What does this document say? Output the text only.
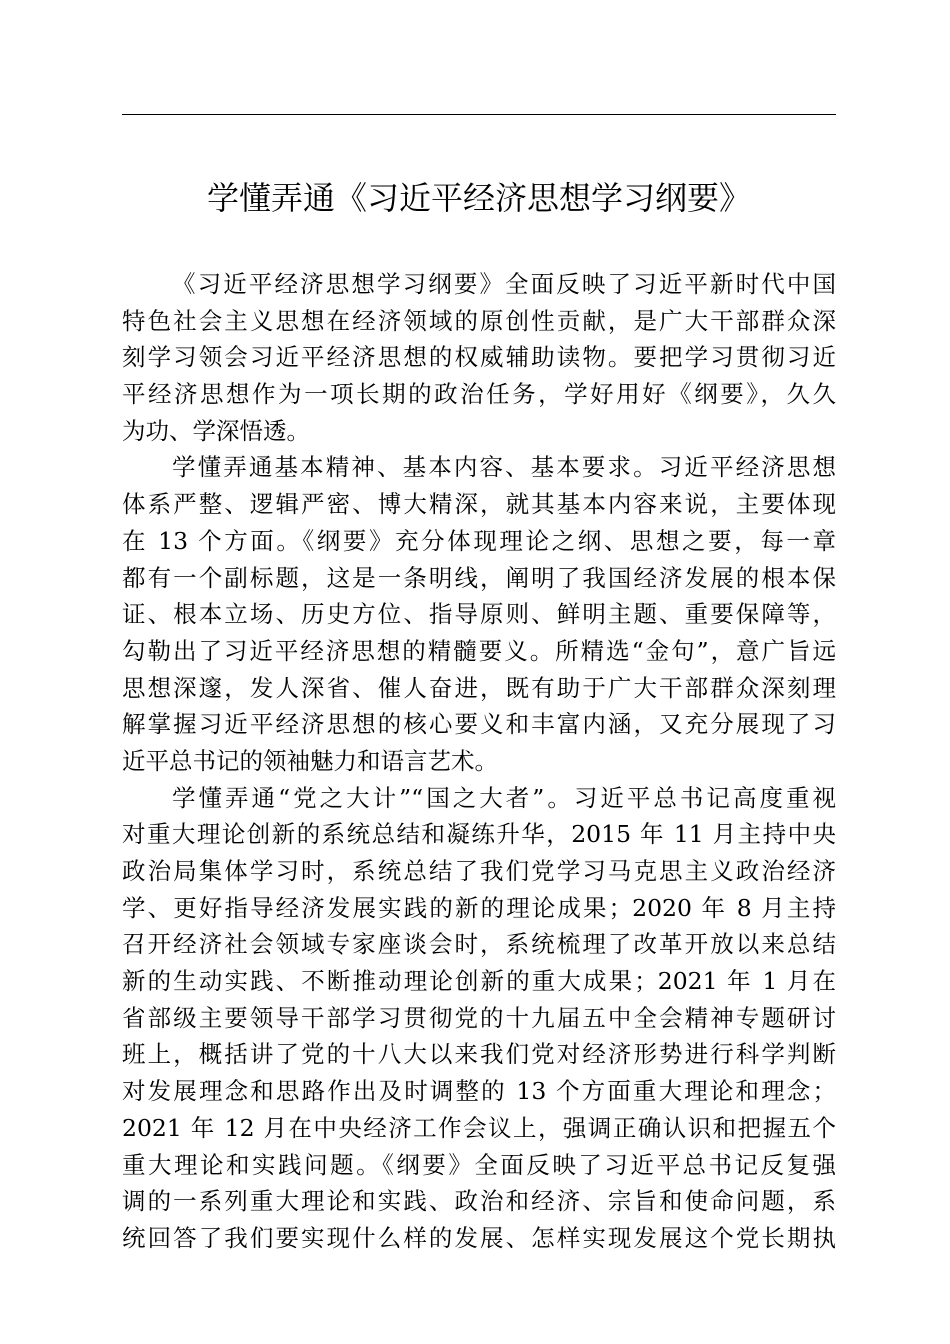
学懂弄通《习近平经济思想学习纲要》
《习近平经济思想学习纲要》全面反映了习近平新时代中国
特色社会主义思想在经济领域的原创性贡献，是广大干部群众深
刻学习领会习近平经济思想的权威辅助读物。要把学习贯彻习近
平经济思想作为一项长期的政治任务，学好用好《纲要》，久久
为功、学深悟透。
学懂弄通基本精神、基本内容、基本要求。习近平经济思想
体系严整、逻辑严密、博大精深，就其基本内容来说，主要体现
在 13 个方面。《纲要》充分体现理论之纲、思想之要，每一章
都有一个副标题，这是一条明线，阐明了我国经济发展的根本保
证、根本立场、历史方位、指导原则、鲜明主题、重要保障等，
勾勒出了习近平经济思想的精髓要义。所精选“金句”，意广旨远
思想深邃，发人深省、催人奋进，既有助于广大干部群众深刻理
解掌握习近平经济思想的核心要义和丰富内涵，又充分展现了习
近平总书记的领袖魅力和语言艺术。
学懂弄通“党之大计”“国之大者”。习近平总书记高度重视
对重大理论创新的系统总结和凝练升华，2015 年 11 月主持中央
政治局集体学习时，系统总结了我们党学习马克思主义政治经济
学、更好指导经济发展实践的新的理论成果；2020 年 8 月主持
召开经济社会领域专家座谈会时，系统梳理了改革开放以来总结
新的生动实践、不断推动理论创新的重大成果；2021 年 1 月在
省部级主要领导干部学习贯彻党的十九届五中全会精神专题研讨
班上，概括讲了党的十八大以来我们党对经济形势进行科学判断
对发展理念和思路作出及时调整的 13 个方面重大理论和理念；
2021 年 12 月在中央经济工作会议上，强调正确认识和把握五个
重大理论和实践问题。《纲要》全面反映了习近平总书记反复强
调的一系列重大理论和实践、政治和经济、宗旨和使命问题，系
统回答了我们要实现什么样的发展、怎样实现发展这个党长期执
